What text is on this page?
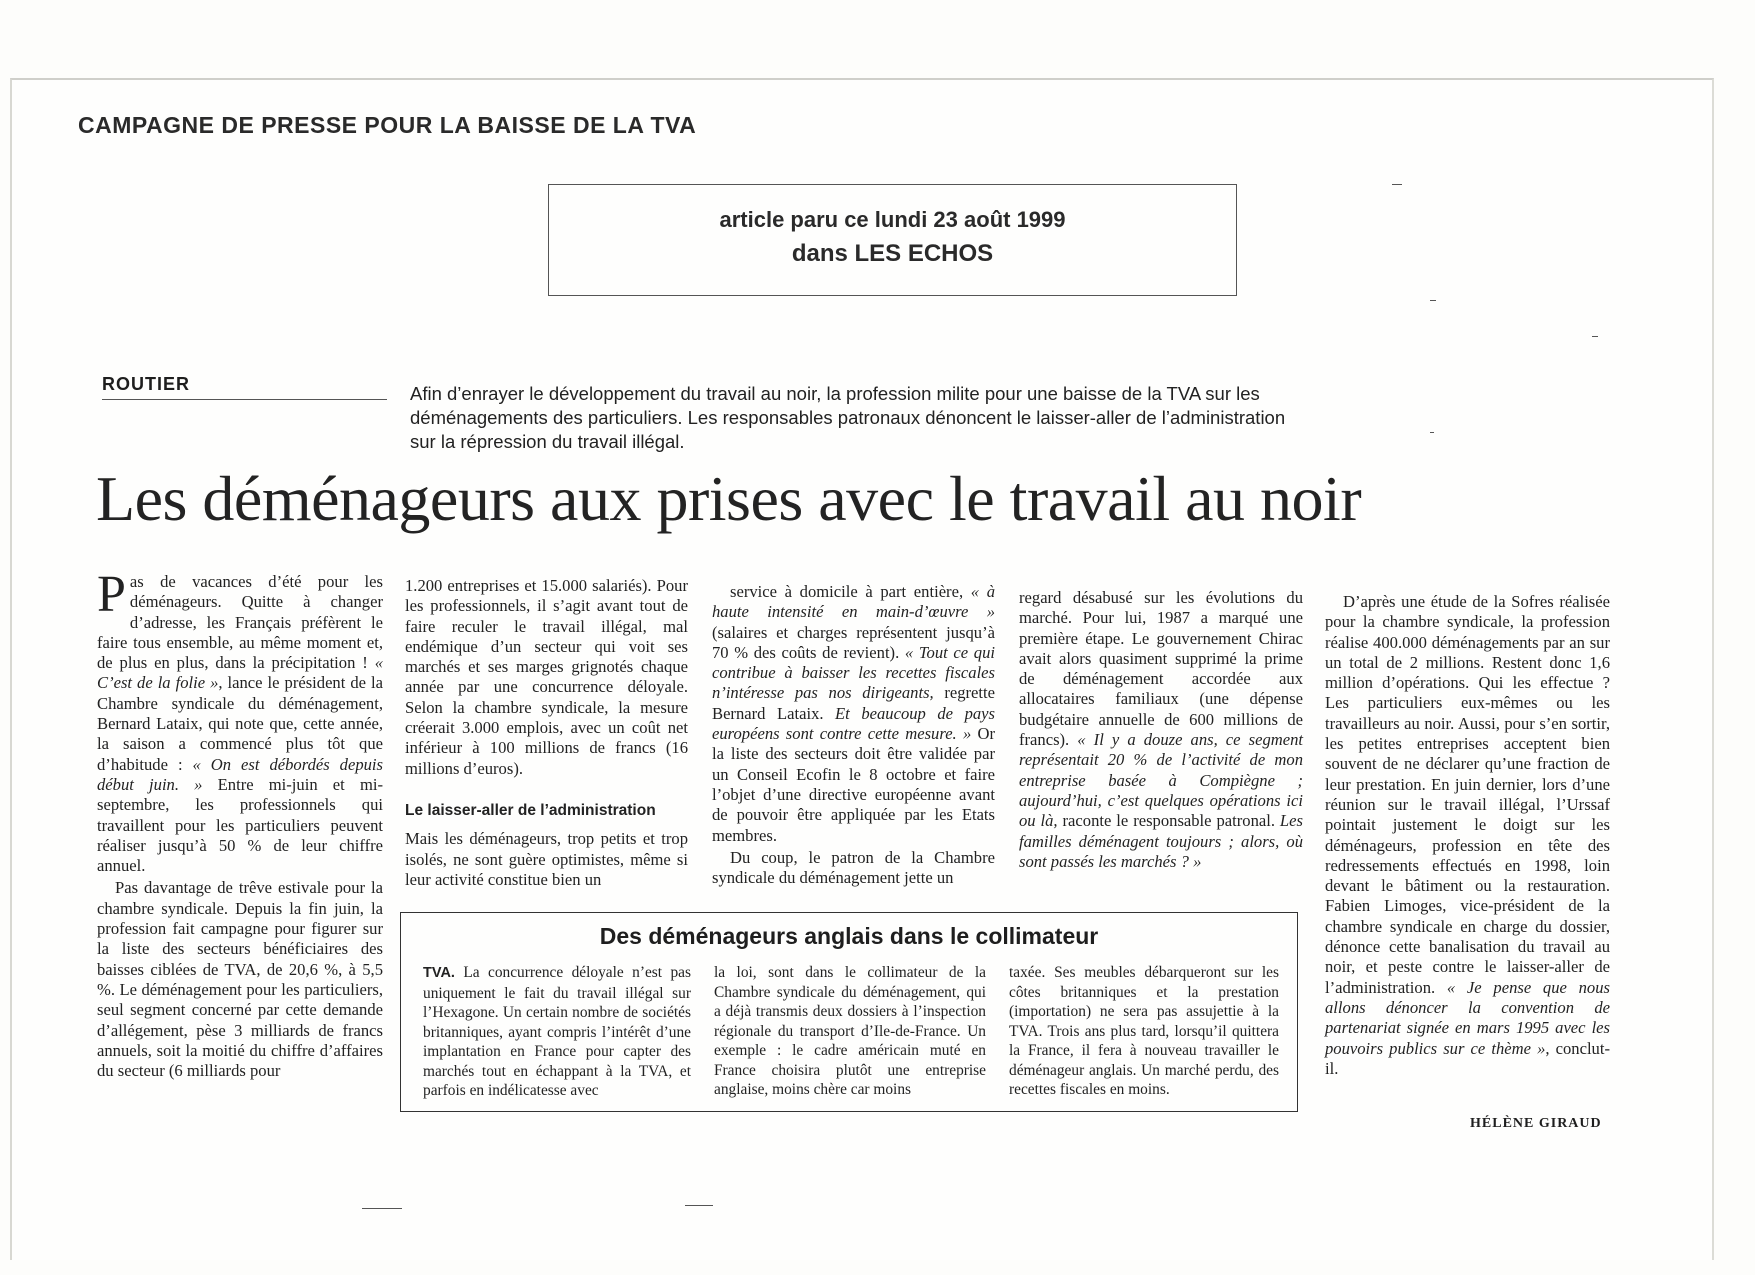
CAMPAGNE DE PRESSE POUR LA BAISSE DE LA TVA
article paru ce lundi 23 août 1999
dans LES ECHOS
ROUTIER	Afin d’enrayer le développement du travail au noir, la profession milite pour une baisse de la TVA sur les déménagements des particuliers. Les responsables patronaux dénoncent le laisser-aller de l’administration sur la répression du travail illégal.
Les déménageurs aux prises avec le travail au noir

Pas de vacances d’été pour les déménageurs. Quitte à changer d’adresse, les Français préfèrent le faire tous ensemble, au même moment et, de plus en plus, dans la précipitation ! « C’est de la folie », lance le président de la Chambre syndicale du déménagement, Bernard Lataix, qui note que, cette année, la saison a commencé plus tôt que d’habitude : « On est débordés depuis début juin. » Entre mi-juin et mi-septembre, les professionnels qui travaillent pour les particuliers peuvent réaliser jusqu’à 50 % de leur chiffre annuel.

Pas davantage de trêve estivale pour la chambre syndicale. Depuis la fin juin, la profession fait campagne pour figurer sur la liste des secteurs bénéficiaires des baisses ciblées de TVA, de 20,6 %, à 5,5 %. Le déménagement pour les particuliers, seul segment concerné par cette demande d’allégement, pèse 3 milliards de francs annuels, soit la moitié du chiffre d’affaires du secteur (6 milliards pour

1.200 entreprises et 15.000 salariés). Pour les professionnels, il s’agit avant tout de faire reculer le travail illégal, mal endémique d’un secteur qui voit ses marchés et ses marges grignotés chaque année par une concurrence déloyale. Selon la chambre syndicale, la mesure créerait 3.000 emplois, avec un coût net inférieur à 100 millions de francs (16 millions d’euros).

Le laisser-aller de l’administration

Mais les déménageurs, trop petits et trop isolés, ne sont guère optimistes, même si leur activité constitue bien un

service à domicile à part entière, « à haute intensité en main-d’œuvre » (salaires et charges représentent jusqu’à 70 % des coûts de revient). « Tout ce qui contribue à baisser les recettes fiscales n’intéresse pas nos dirigeants, regrette Bernard Lataix. Et beaucoup de pays européens sont contre cette mesure. » Or la liste des secteurs doit être validée par un Conseil Ecofin le 8 octobre et faire l’objet d’une directive européenne avant de pouvoir être appliquée par les Etats membres.

Du coup, le patron de la Chambre syndicale du déménagement jette un

regard désabusé sur les évolutions du marché. Pour lui, 1987 a marqué une première étape. Le gouvernement Chirac avait alors quasiment supprimé la prime de déménagement accordée aux allocataires familiaux (une dépense budgétaire annuelle de 600 millions de francs). « Il y a douze ans, ce segment représentait 20 % de l’activité de mon entreprise basée à Compiègne ; aujourd’hui, c’est quelques opérations ici ou là, raconte le responsable patronal. Les familles déménagent toujours ; alors, où sont passés les marchés ? »

D’après une étude de la Sofres réalisée pour la chambre syndicale, la profession réalise 400.000 déménagements par an sur un total de 2 millions. Restent donc 1,6 million d’opérations. Qui les effectue ? Les particuliers eux-mêmes ou les travailleurs au noir. Aussi, pour s’en sortir, les petites entreprises acceptent bien souvent de ne déclarer qu’une fraction de leur prestation. En juin dernier, lors d’une réunion sur le travail illégal, l’Urssaf pointait justement le doigt sur les déménageurs, profession en tête des redressements effectués en 1998, loin devant le bâtiment ou la restauration. Fabien Limoges, vice-président de la chambre syndicale en charge du dossier, dénonce cette banalisation du travail au noir, et peste contre le laisser-aller de l’administration. « Je pense que nous allons dénoncer la convention de partenariat signée en mars 1995 avec les pouvoirs publics sur ce thème », conclut-il.

Des déménageurs anglais dans le collimateur
TVA. La concurrence déloyale n’est pas uniquement le fait du travail illégal sur l’Hexagone. Un certain nombre de sociétés britanniques, ayant compris l’intérêt d’une implantation en France pour capter des marchés tout en échappant à la TVA, et parfois en indélicatesse avec
la loi, sont dans le collimateur de la Chambre syndicale du déménagement, qui a déjà transmis deux dossiers à l’inspection régionale du transport d’Ile-de-France. Un exemple : le cadre américain muté en France choisira plutôt une entreprise anglaise, moins chère car moins
taxée. Ses meubles débarqueront sur les côtes britanniques et la prestation (importation) ne sera pas assujettie à la TVA. Trois ans plus tard, lorsqu’il quittera la France, il fera à nouveau travailler le déménageur anglais. Un marché perdu, des recettes fiscales en moins.
HÉLÈNE GIRAUD
